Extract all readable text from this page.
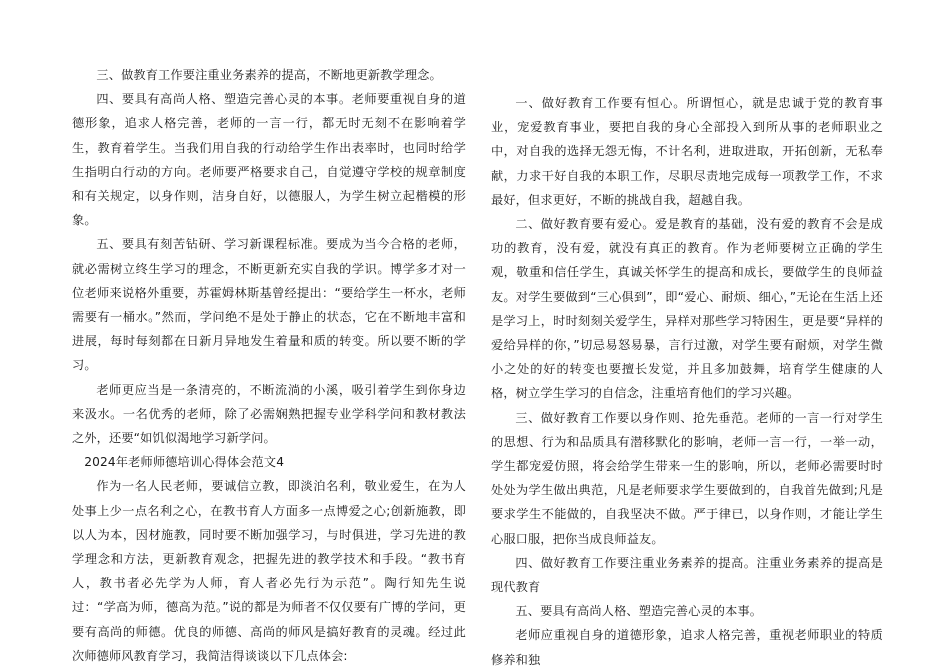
三、做教育工作要注重业务素养的提高，不断地更新教学理念。

四、要具有高尚人格、塑造完善心灵的本事。老师要重视自身的道德形象，追求人格完善，老师的一言一行，都无时无刻不在影响着学生，教育着学生。当我们用自我的行动给学生作出表率时，也同时给学生指明白行动的方向。老师要严格要求自己，自觉遵守学校的规章制度和有关规定，以身作则，洁身自好，以德服人，为学生树立起楷模的形象。

五、要具有刻苦钻研、学习新课程标准。要成为当今合格的老师，就必需树立终生学习的理念，不断更新充实自我的学识。博学多才对一位老师来说格外重要，苏霍姆林斯基曾经提出：“要给学生一杯水，老师需要有一桶水。”然而，学问绝不是处于静止的状态，它在不断地丰富和进展，每时每刻都在日新月异地发生着量和质的转变。所以要不断的学习。

老师更应当是一条清亮的，不断流淌的小溪，吸引着学生到你身边来汲水。一名优秀的老师，除了必需娴熟把握专业学科学问和教材教法之外，还要“如饥似渴地学习新学问。

2024年老师师德培训心得体会范文4

作为一名人民老师，要诚信立教，即淡泊名利，敬业爱生，在为人处事上少一点名利之心，在教书育人方面多一点博爱之心;创新施教，即以人为本，因材施教，同时要不断加强学习，与时俱进，学习先进的教学理念和方法，更新教育观念，把握先进的教学技术和手段。“教书育人，教书者必先学为人师，育人者必先行为示范”。陶行知先生说过：“学高为师，德高为范。”说的都是为师者不仅仅要有广博的学问，更要有高尚的师德。优良的师德、高尚的师风是搞好教育的灵魂。经过此次师德师风教育学习，我简洁得谈谈以下几点体会:

一、做好教育工作要有恒心。所谓恒心，就是忠诚于党的教育事业，宠爱教育事业，要把自我的身心全部投入到所从事的老师职业之中，对自我的选择无怨无悔，不计名利，进取进取，开拓创新，无私奉献，力求干好自我的本职工作，尽职尽责地完成每一项教学工作，不求最好，但求更好，不断的挑战自我，超越自我。

二、做好教育要有爱心。爱是教育的基础，没有爱的教育不会是成功的教育，没有爱，就没有真正的教育。作为老师要树立正确的学生观，敬重和信任学生，真诚关怀学生的提高和成长，要做学生的良师益友。对学生要做到“三心俱到”，即“爱心、耐烦、细心，”无论在生活上还是学习上，时时刻刻关爱学生，异样对那些学习特困生，更是要“异样的爱给异样的你，”切忌易怒易暴，言行过激，对学生要有耐烦，对学生微小之处的好的转变也要擅长发觉，并且多加鼓舞，培育学生健康的人格，树立学生学习的自信念，注重培育他们的学习兴趣。

三、做好教育工作要以身作则、抢先垂范。老师的一言一行对学生的思想、行为和品质具有潜移默化的影响，老师一言一行，一举一动，学生都宠爱仿照，将会给学生带来一生的影响，所以，老师必需要时时处处为学生做出典范，凡是老师要求学生要做到的，自我首先做到;凡是要求学生不能做的，自我坚决不做。严于律已，以身作则，才能让学生心服口服，把你当成良师益友。

四、做好教育工作要注重业务素养的提高。注重业务素养的提高是现代教育

五、要具有高尚人格、塑造完善心灵的本事。

老师应重视自身的道德形象，追求人格完善，重视老师职业的特质修养和独
